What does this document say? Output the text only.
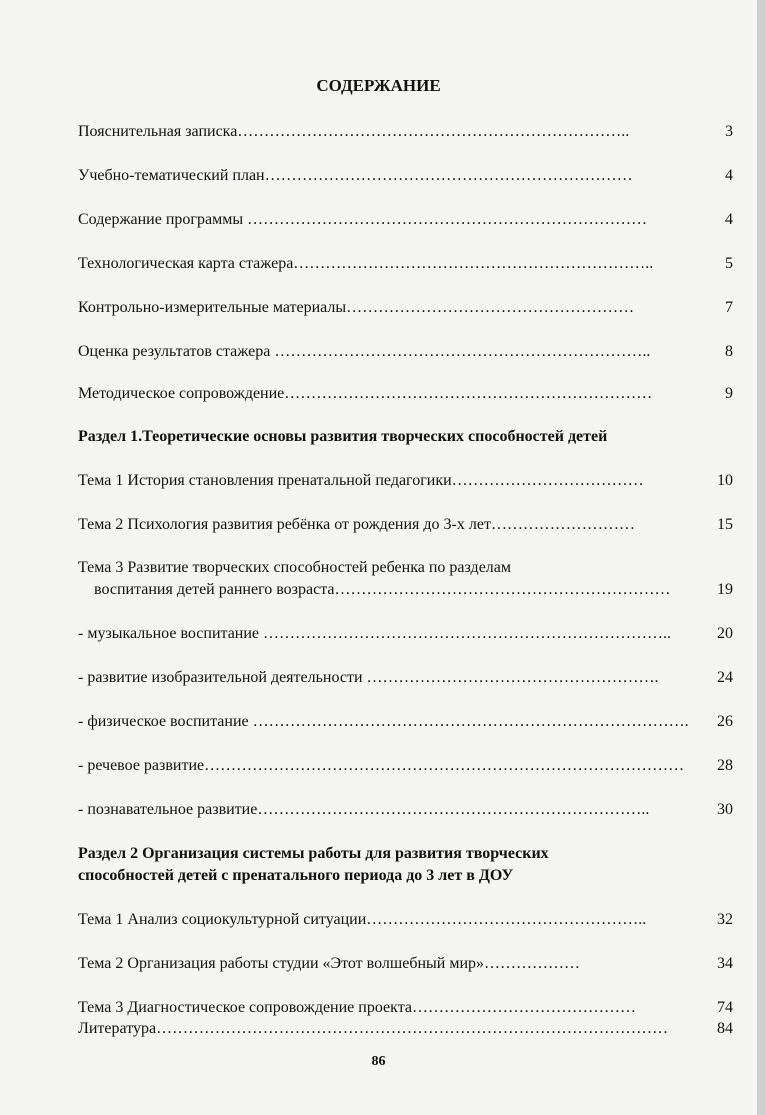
СОДЕРЖАНИЕ
Пояснительная записка………………………………………………………………..	3
Учебно-тематический план……………………………………………………………	4
Содержание программы …………………………………………………………………	4
Технологическая карта стажера…………………………………………………………..	5
Контрольно-измерительные материалы………………………………………………	7
Оценка результатов стажера ……………………………………………………………..	8
Методическое сопровождение……………………………………………………………	9
Раздел 1.Теоретические основы развития творческих способностей детей
Тема 1 История становления пренатальной педагогики………………………………	10
Тема 2 Психология развития ребёнка от рождения до 3-х лет………………………	15
Тема 3 Развитие творческих способностей ребенка по разделам
воспитания детей раннего возраста………………………………………………………	19
- музыкальное воспитание …………………………………………………………………..	20
- развитие изобразительной деятельности ……………………………………………….	24
- физическое воспитание ……………………………………………………………………….	26
- речевое развитие………………………………………………………………………………	28
- познавательное развитие………………………………………………………………..	30
Раздел 2 Организация системы работы для развития творческих
способностей детей с пренатального периода до 3 лет в ДОУ
Тема 1 Анализ социокультурной ситуации……………………………………………..	32
Тема 2 Организация работы студии «Этот волшебный мир»………………	34
Тема 3 Диагностическое сопровождение проекта……………………………………	74
Литература……………………………………………………………………………………	84
86
